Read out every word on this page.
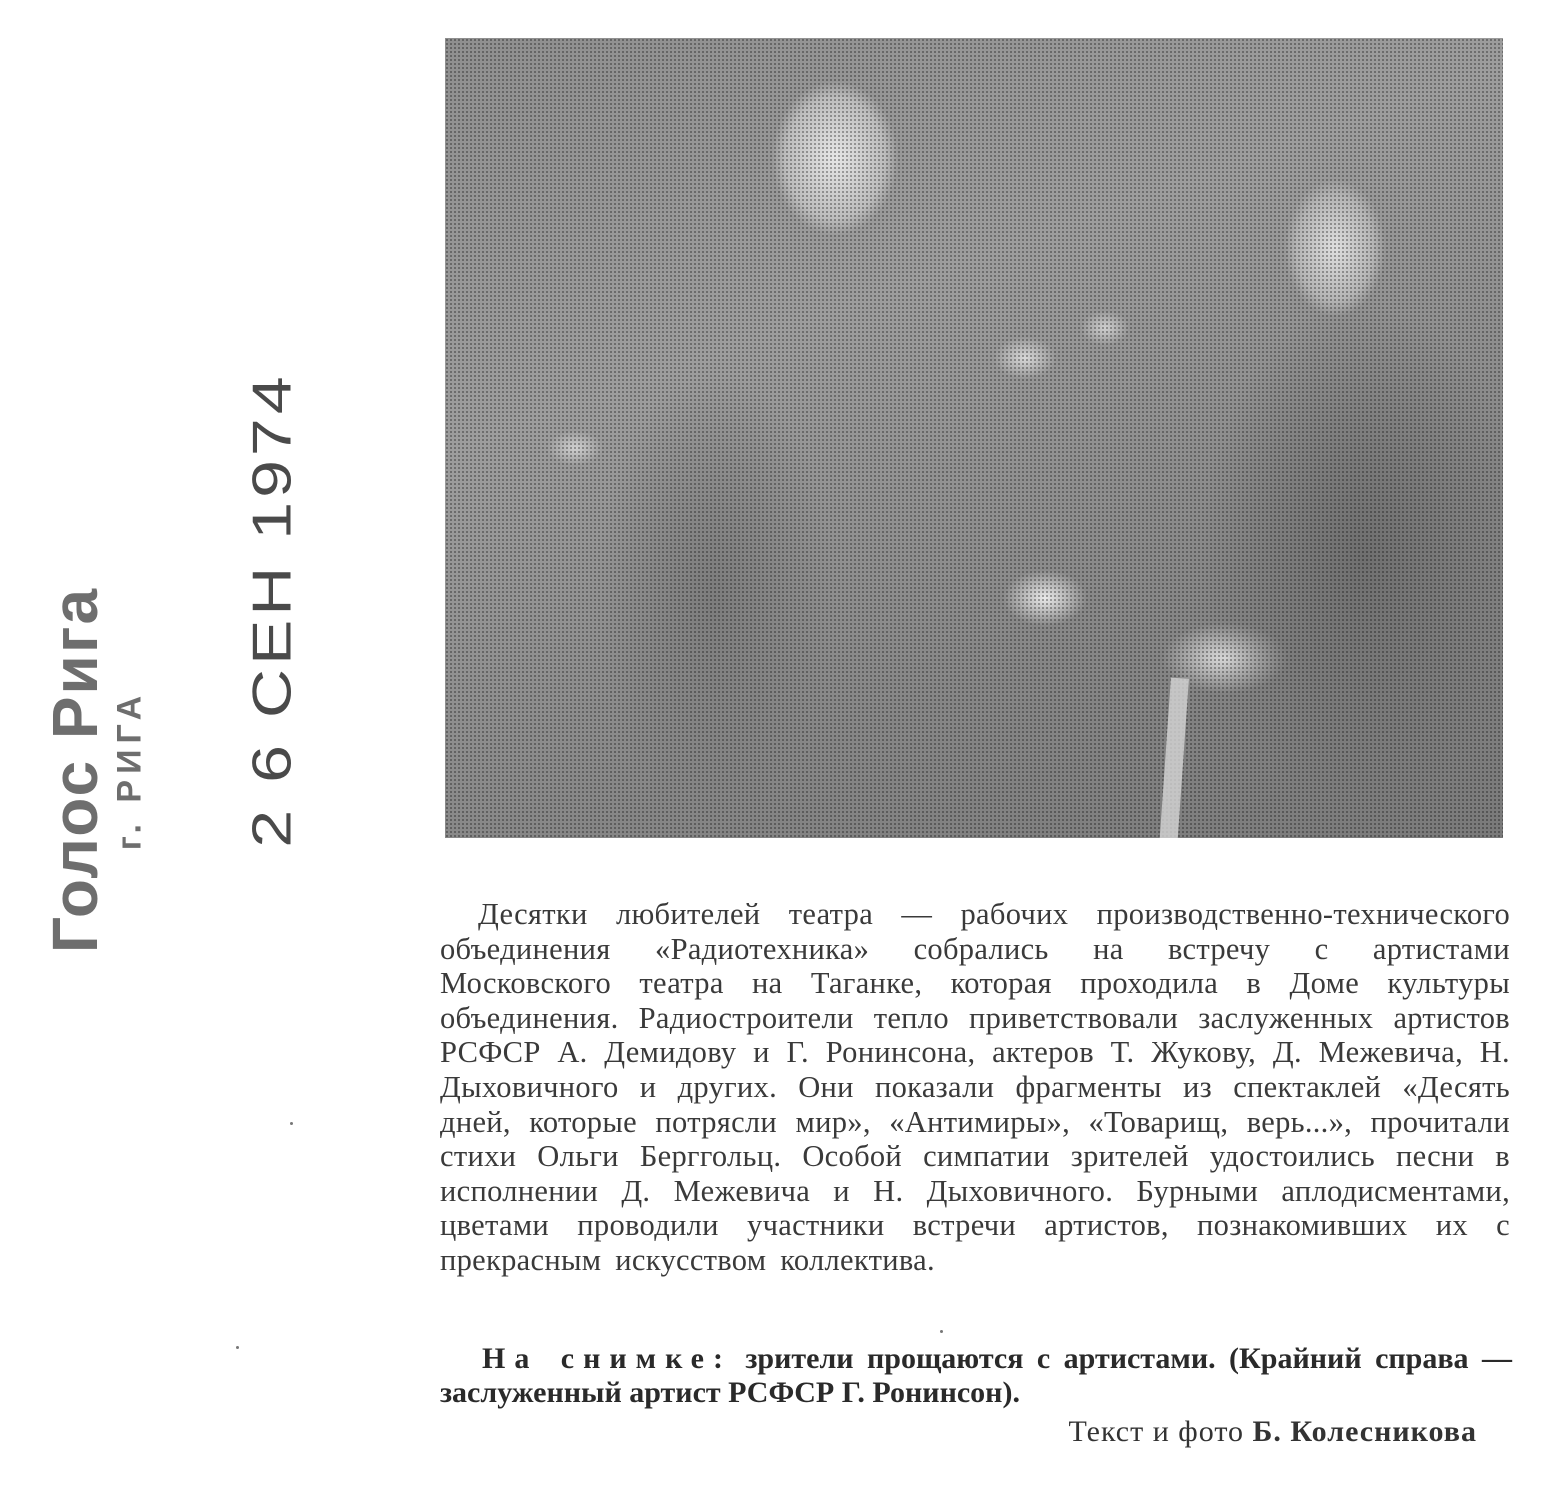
Голос Рига г. РИГА 2 6 СЕН 1974

Десятки любителей театра — рабочих производственно-технического объединения «Радиотехника» собрались на встречу с артистами Московского театра на Таганке, которая проходила в Доме культуры объединения. Радиостроители тепло приветствовали заслуженных артистов РСФСР А. Демидову и Г. Ронинсона, актеров Т. Жукову, Д. Межевича, Н. Дыховичного и других. Они показали фрагменты из спектаклей «Десять дней, которые потрясли мир», «Антимиры», «Товарищ, верь...», прочитали стихи Ольги Берггольц. Особой симпатии зрителей удостоились песни в исполнении Д. Межевича и Н. Дыховичного. Бурными аплодисментами, цветами проводили участники встречи артистов, познакомивших их с прекрасным искусством коллектива.

На снимке: зрители прощаются с артистами. (Крайний справа — заслуженный артист РСФСР Г. Ронинсон).

Текст и фото Б. Колесникова
